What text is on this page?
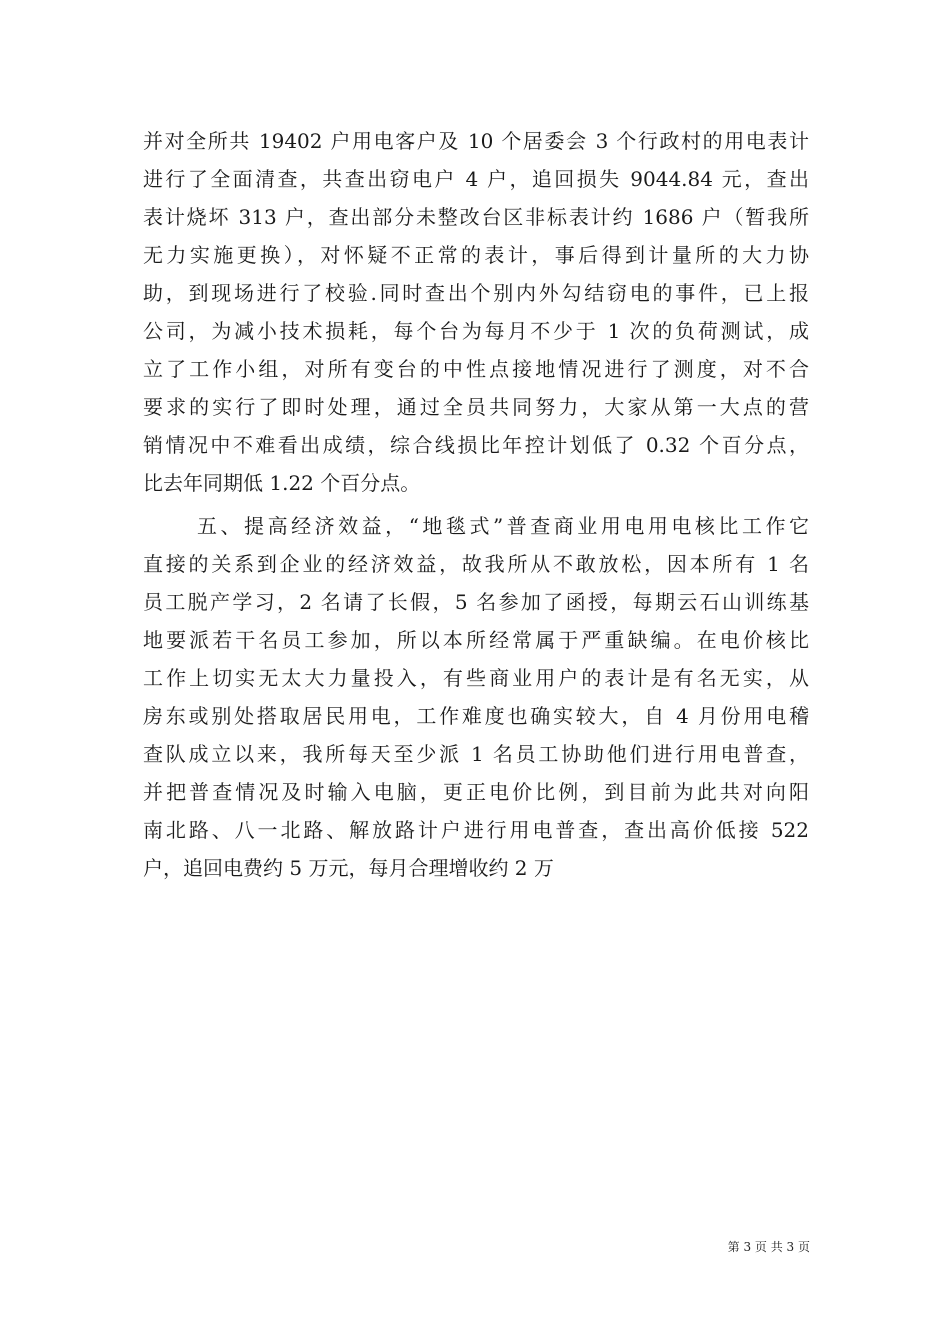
并对全所共 19402 户用电客户及 10 个居委会 3 个行政村的用电表计
进行了全面清查，共查出窃电户 4 户，追回损失 9044.84 元，查出
表计烧坏 313 户，查出部分未整改台区非标表计约 1686 户（暂我所
无力实施更换），对怀疑不正常的表计，事后得到计量所的大力协
助，到现场进行了校验.同时查出个别内外勾结窃电的事件，已上报
公司，为减小技术损耗，每个台为每月不少于 1 次的负荷测试，成
立了工作小组，对所有变台的中性点接地情况进行了测度，对不合
要求的实行了即时处理，通过全员共同努力，大家从第一大点的营
销情况中不难看出成绩，综合线损比年控计划低了 0.32 个百分点，
比去年同期低 1.22 个百分点。
五、提高经济效益，“地毯式”普查商业用电用电核比工作它
直接的关系到企业的经济效益，故我所从不敢放松，因本所有 1 名
员工脱产学习，2 名请了长假，5 名参加了函授，每期云石山训练基
地要派若干名员工参加，所以本所经常属于严重缺编。在电价核比
工作上切实无太大力量投入，有些商业用户的表计是有名无实，从
房东或别处搭取居民用电，工作难度也确实较大，自 4 月份用电稽
查队成立以来，我所每天至少派 1 名员工协助他们进行用电普查，
并把普查情况及时输入电脑，更正电价比例，到目前为此共对向阳
南北路、八一北路、解放路计户进行用电普查，查出高价低接 522
户，追回电费约 5 万元，每月合理增收约 2 万
第 3 页 共 3 页
